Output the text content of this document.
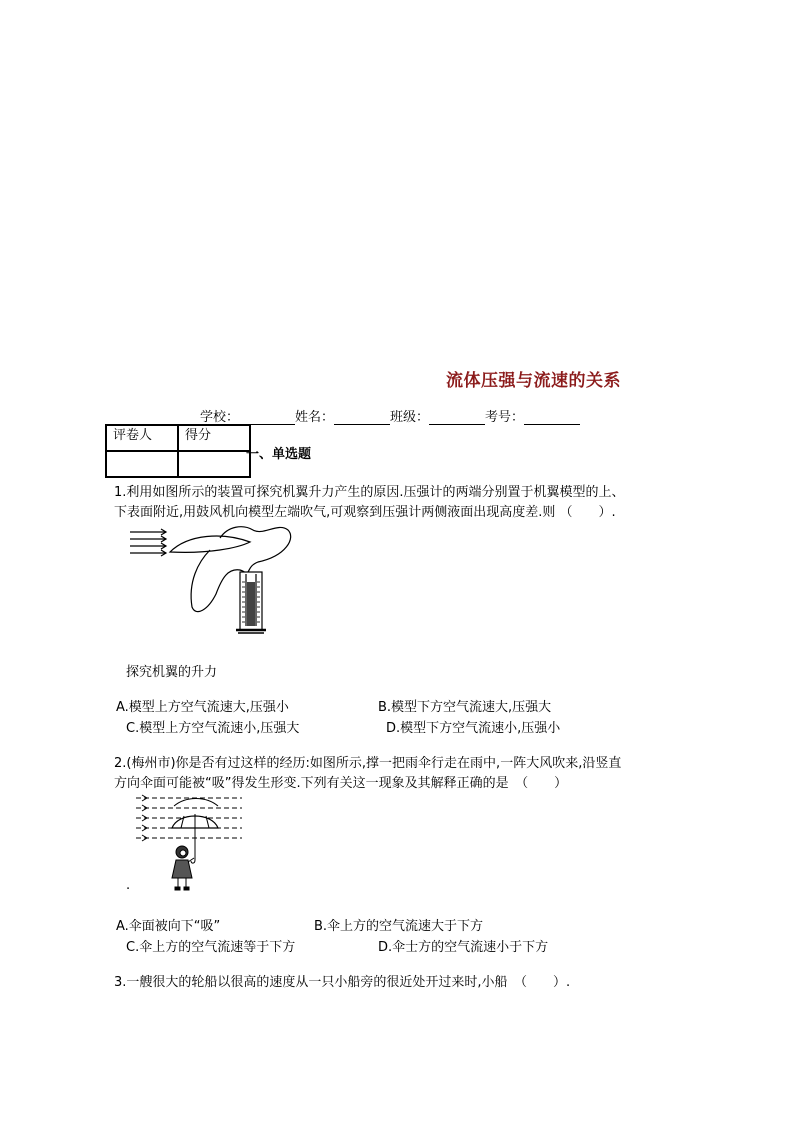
流体压强与流速的关系
学校：	姓名：	班级：	考号：
评卷人	得分

一、单选题
1.利用如图所示的装置可探究机翼升力产生的原因.压强计的两端分别置于机翼模型的上、
下表面附近,用鼓风机向模型左端吹气,可观察到压强计两侧液面出现高度差.则 （　　）.
探究机翼的升力
A.模型上方空气流速大,压强小	B.模型下方空气流速大,压强大
C.模型上方空气流速小,压强大	D.模型下方空气流速小,压强小
2.(梅州市)你是否有过这样的经历:如图所示,撑一把雨伞行走在雨中,一阵大风吹来,沿竖直
方向伞面可能被“吸”得发生形变.下列有关这一现象及其解释正确的是　（　　）
.
A.伞面被向下“吸”	B.伞上方的空气流速大于下方
C.伞上方的空气流速等于下方	D.伞士方的空气流速小于下方
3.一艘很大的轮船以很高的速度从一只小船旁的很近处开过来时,小船　（　　）.
